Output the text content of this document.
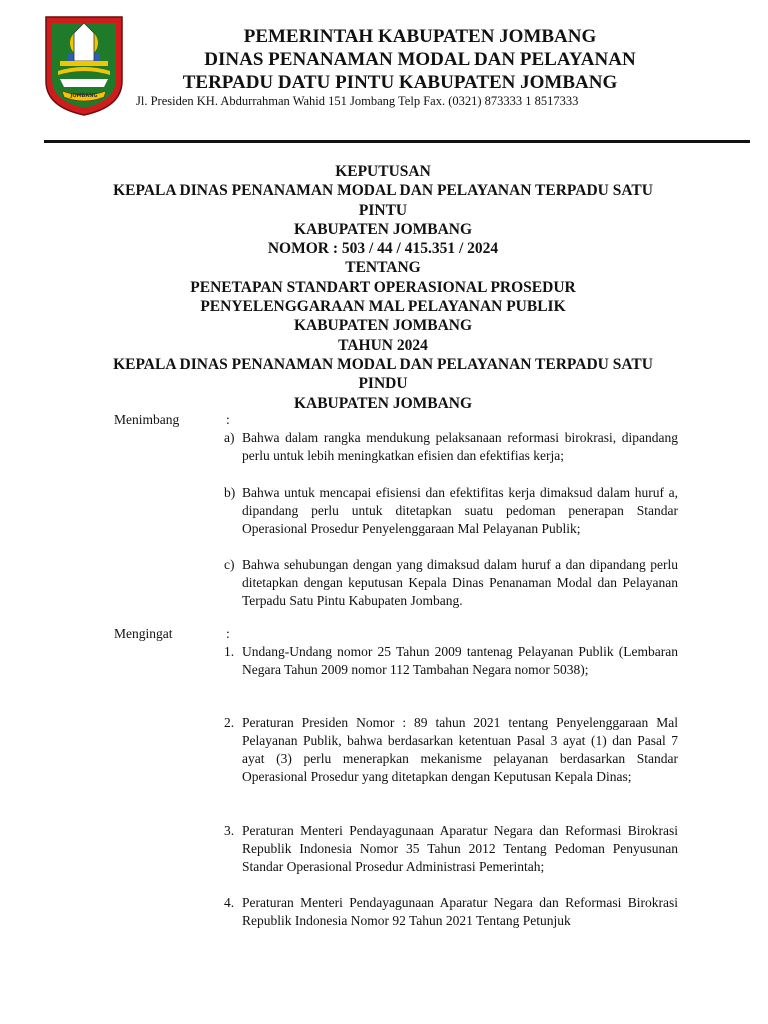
JOMBANG
PEMERINTAH KABUPATEN JOMBANG
DINAS PENANAMAN MODAL DAN PELAYANAN
TERPADU DATU PINTU KABUPATEN JOMBANG
Jl. Presiden KH. Abdurrahman Wahid 151 Jombang Telp Fax. (0321) 873333 1 8517333
KEPUTUSAN
KEPALA DINAS PENANAMAN MODAL DAN PELAYANAN TERPADU SATU
PINTU
KABUPATEN JOMBANG
NOMOR : 503 / 44 / 415.351 / 2024
TENTANG
PENETAPAN STANDART OPERASIONAL PROSEDUR
PENYELENGGARAAN MAL PELAYANAN PUBLIK
KABUPATEN JOMBANG
TAHUN 2024
KEPALA DINAS PENANAMAN MODAL DAN PELAYANAN TERPADU SATU
PINDU
KABUPATEN JOMBANG
Menimbang	:
a) Bahwa dalam rangka mendukung pelaksanaan reformasi birokrasi, dipandang perlu untuk lebih meningkatkan efisien dan efektifias kerja;
b) Bahwa untuk mencapai efisiensi dan efektifitas kerja dimaksud dalam huruf a, dipandang perlu untuk ditetapkan suatu pedoman penerapan Standar Operasional Prosedur Penyelenggaraan Mal Pelayanan Publik;
c) Bahwa sehubungan dengan yang dimaksud dalam huruf a dan dipandang perlu ditetapkan dengan keputusan Kepala Dinas Penanaman Modal dan Pelayanan Terpadu Satu Pintu Kabupaten Jombang.
Mengingat	:
1. Undang-Undang nomor 25 Tahun 2009 tantenag Pelayanan Publik (Lembaran Negara Tahun 2009 nomor 112 Tambahan Negara nomor 5038);
2. Peraturan Presiden Nomor : 89 tahun 2021 tentang Penyelenggaraan Mal Pelayanan Publik, bahwa berdasarkan ketentuan Pasal 3 ayat (1) dan Pasal 7 ayat (3) perlu menerapkan mekanisme pelayanan berdasarkan Standar Operasional Prosedur yang ditetapkan dengan Keputusan Kepala Dinas;
3. Peraturan Menteri Pendayagunaan Aparatur Negara dan Reformasi Birokrasi Republik Indonesia Nomor 35 Tahun 2012 Tentang Pedoman Penyusunan Standar Operasional Prosedur Administrasi Pemerintah;
4. Peraturan Menteri Pendayagunaan Aparatur Negara dan Reformasi Birokrasi Republik Indonesia Nomor 92 Tahun 2021 Tentang Petunjuk
